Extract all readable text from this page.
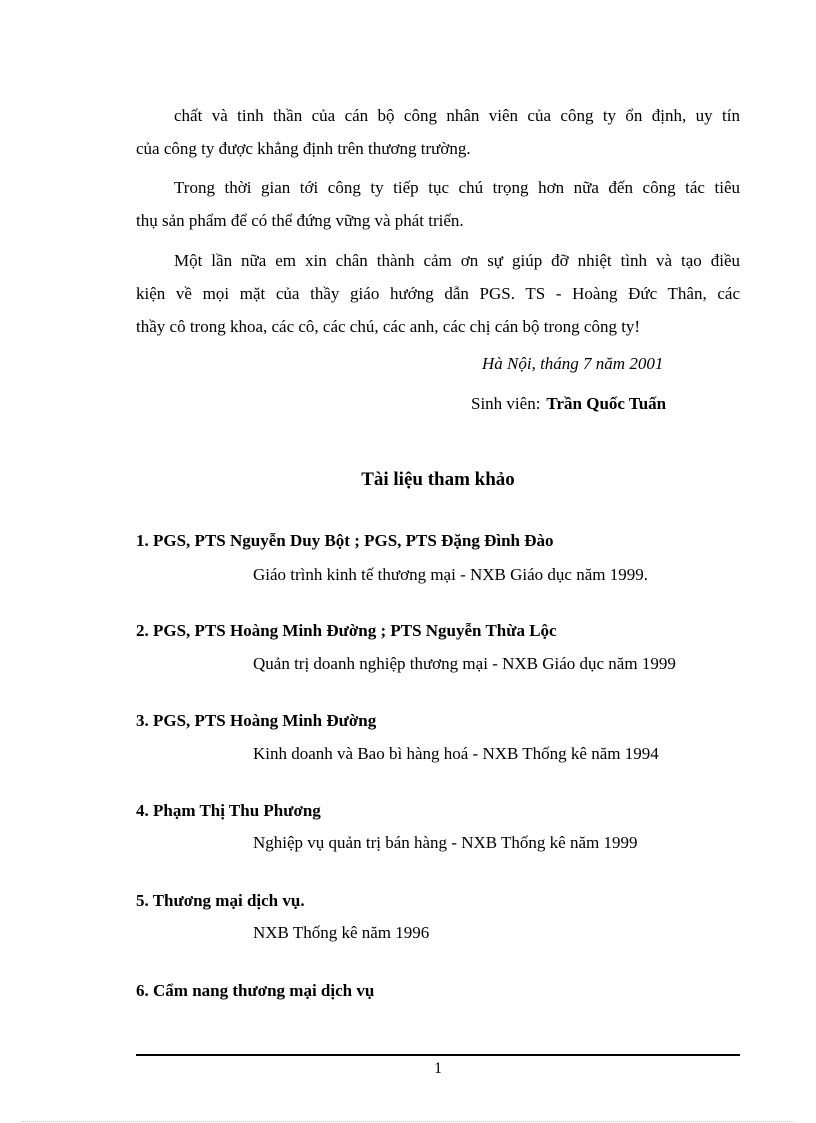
chất và tinh thần của cán bộ công nhân viên của công ty ổn định, uy tín
của công ty được khẳng định trên thương trường.

Trong thời gian tới công ty tiếp tục chú trọng hơn nữa đến công tác tiêu
thụ sản phẩm để có thể đứng vững và phát triển.

Một lần nữa em xin chân thành cảm ơn sự giúp đỡ nhiệt tình và tạo điều
kiện về mọi mặt của thầy giáo hướng dẫn PGS. TS - Hoàng Đức Thân, các
thầy cô trong khoa, các cô, các chú, các anh, các chị cán bộ trong công ty!

Hà Nội, tháng 7 năm 2001
Sinh viên: Trần Quốc Tuấn
Tài liệu tham khảo
1. PGS, PTS Nguyễn Duy Bột ; PGS, PTS Đặng Đình Đào
Giáo trình kinh tế thương mại - NXB Giáo dục năm 1999.
2. PGS, PTS Hoàng Minh Đường ; PTS Nguyễn Thừa Lộc
Quản trị doanh nghiệp thương mại - NXB Giáo dục năm 1999
3. PGS, PTS Hoàng Minh Đường
Kinh doanh và Bao bì hàng hoá - NXB Thống kê năm 1994
4. Phạm Thị Thu Phương
Nghiệp vụ quản trị bán hàng - NXB Thống kê năm 1999
5. Thương mại dịch vụ.
NXB Thống kê năm 1996
6. Cẩm nang thương mại dịch vụ
1
